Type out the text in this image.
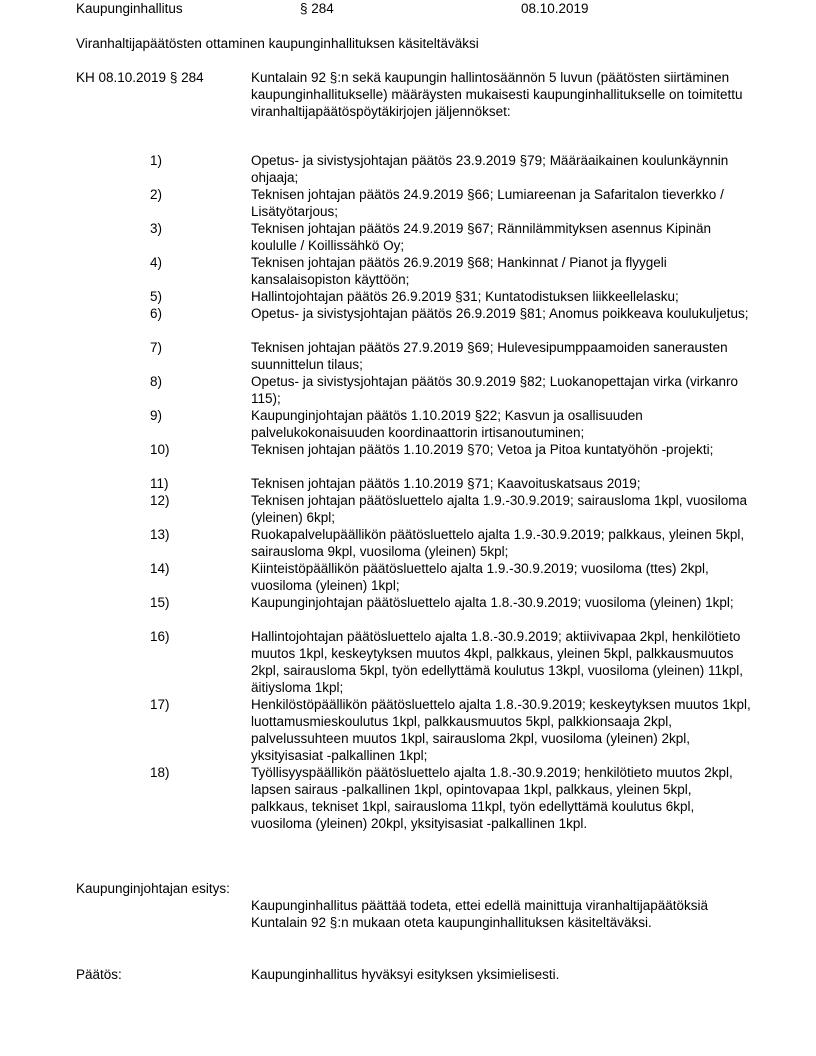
Kaupunginhallitus	§ 284	08.10.2019
Viranhaltijapäätösten ottaminen kaupunginhallituksen käsiteltäväksi
KH 08.10.2019 § 284	Kuntalain 92 §:n sekä kaupungin hallintosäännön 5 luvun (päätösten siirtäminen kaupunginhallitukselle) määräysten mukaisesti kaupunginhallitukselle on toimitettu viranhaltijapäätöspöytäkirjojen jäljennökset:
1)	Opetus- ja sivistysjohtajan päätös 23.9.2019 §79; Määräaikainen koulunkäynnin ohjaaja;
2)	Teknisen johtajan päätös 24.9.2019 §66; Lumiareenan ja Safaritalon tieverkko / Lisätyötarjous;
3)	Teknisen johtajan päätös 24.9.2019 §67; Rännilämmityksen asennus Kipinän koululle / Koillissähkö Oy;
4)	Teknisen johtajan päätös 26.9.2019 §68; Hankinnat / Pianot ja flyygeli kansalaisopiston käyttöön;
5)	Hallintojohtajan päätös 26.9.2019 §31; Kuntatodistuksen liikkeellelasku;
6)	Opetus- ja sivistysjohtajan päätös 26.9.2019 §81; Anomus poikkeava koulukuljetus;
7)	Teknisen johtajan päätös 27.9.2019 §69; Hulevesipumppaamoiden sanerausten suunnittelun tilaus;
8)	Opetus- ja sivistysjohtajan päätös 30.9.2019 §82; Luokanopettajan virka (virkanro 115);
9)	Kaupunginjohtajan päätös 1.10.2019 §22; Kasvun ja osallisuuden palvelukokonaisuuden koordinaattorin irtisanoutuminen;
10)	Teknisen johtajan päätös 1.10.2019 §70; Vetoa ja Pitoa kuntatyöhön -projekti;
11)	Teknisen johtajan päätös 1.10.2019 §71; Kaavoituskatsaus 2019;
12)	Teknisen johtajan päätösluettelo ajalta 1.9.-30.9.2019; sairausloma 1kpl, vuosiloma (yleinen) 6kpl;
13)	Ruokapalvelupäällikön päätösluettelo ajalta 1.9.-30.9.2019; palkkaus, yleinen 5kpl, sairausloma 9kpl, vuosiloma (yleinen) 5kpl;
14)	Kiinteistöpäällikön päätösluettelo ajalta 1.9.-30.9.2019; vuosiloma (ttes) 2kpl, vuosiloma (yleinen) 1kpl;
15)	Kaupunginjohtajan päätösluettelo ajalta 1.8.-30.9.2019; vuosiloma (yleinen) 1kpl;
16)	Hallintojohtajan päätösluettelo ajalta 1.8.-30.9.2019; aktiivivapaa 2kpl, henkilötieto muutos 1kpl, keskeytyksen muutos 4kpl, palkkaus, yleinen 5kpl, palkkausmuutos 2kpl, sairausloma 5kpl, työn edellyttämä koulutus 13kpl, vuosiloma (yleinen) 11kpl, äitiysloma 1kpl;
17)	Henkilöstöpäällikön päätösluettelo ajalta 1.8.-30.9.2019; keskeytyksen muutos 1kpl, luottamusmieskoulutus 1kpl, palkkausmuutos 5kpl, palkkionsaaja 2kpl, palvelussuhteen muutos 1kpl, sairausloma 2kpl, vuosiloma (yleinen) 2kpl, yksityisasiat -palkallinen 1kpl;
18)	Työllisyyspäällikön päätösluettelo ajalta 1.8.-30.9.2019; henkilötieto muutos 2kpl, lapsen sairaus -palkallinen 1kpl, opintovapaa 1kpl, palkkaus, yleinen 5kpl, palkkaus, tekniset 1kpl, sairausloma 11kpl, työn edellyttämä koulutus 6kpl, vuosiloma (yleinen) 20kpl, yksityisasiat -palkallinen 1kpl.
Kaupunginjohtajan esitys:
Kaupunginhallitus päättää todeta, ettei edellä mainittuja viranhaltijapäätöksiä Kuntalain 92 §:n mukaan oteta kaupunginhallituksen käsiteltäväksi.
Päätös:	Kaupunginhallitus hyväksyi esityksen yksimielisesti.
